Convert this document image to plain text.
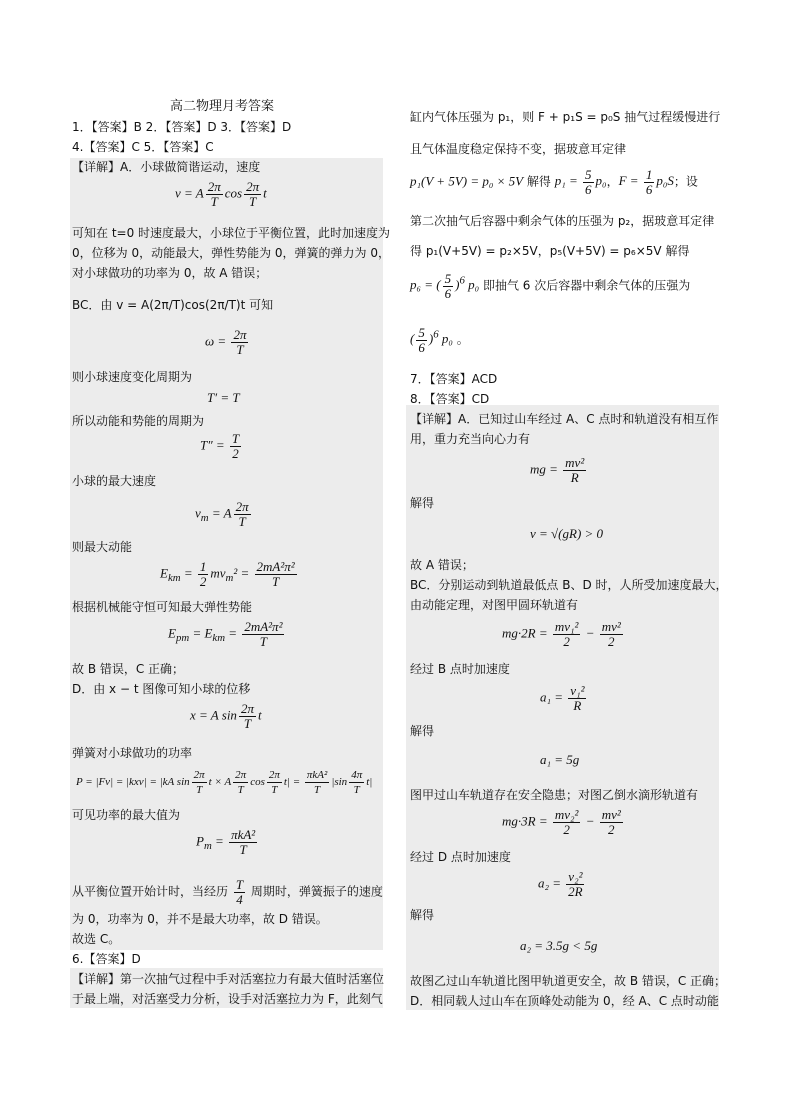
高二物理月考答案
1．【答案】B 2．【答案】D 3．【答案】D
4.【答案】C 5．【答案】C
【详解】A．小球做简谐运动，速度
v = A $\frac{2\pi}{T}$ $\cos \frac{2\pi}{T}$ t
可知在 t=0 时速度最大，小球位于平衡位置，此时加速度为
0，位移为 0，动能最大，弹性势能为 0，弹簧的弹力为 0，
对小球做功的功率为 0，故 A 错误；
BC．由 v = A(2π/T)cos(2π/T)t 可知
$\omega = \frac{2\pi}{T}$
则小球速度变化周期为
T′ = T
所以动能和势能的周期为
$T'' = \frac{T}{2}$
小球的最大速度
$v_m = A \frac{2\pi}{T}$
则最大动能
$E_{km} = \frac{1}{2} mv_m^2 = \frac{\text{2mA²π²}}{T}$
根据机械能守恒可知最大弹性势能
$E_{pm} = E_{km} = \frac{\text{2mA²π²}}{T}$
故 B 错误，C 正确；
D．由 x − t 图像可知小球的位移
x = A $\sin \frac{2\pi}{T}$ t
弹簧对小球做功的功率
P = |Fv| = |kxv| = |kA $\sin \frac{2\pi}{T}$ t × A $\frac{2\pi}{T}$ $\cos \frac{2\pi}{T} t| = \frac{\text{πkA²}}{T} |\sin \frac{4\pi}{T} t|$
可见功率的最大值为
$P_m = \frac{\text{πkA²}}{T}$
从平衡位置开始计时，当经历 $\frac{T}{4}$ 周期时，弹簧振子的速度
为 0，功率为 0，并不是最大功率，故 D 错误。
故选 C。
6.【答案】D
【详解】第一次抽气过程中手对活塞拉力有最大值时活塞位
于最上端，对活塞受力分析，设手对活塞拉力为 F，此刻气
缸内气体压强为 p₁，则 F + p₁S = p₀S 抽气过程缓慢进行
且气体温度稳定保持不变，据玻意耳定律
p₁(V + 5V) = p₀ × 5V 解得 $p_1 = \frac{5}{6} p_0$，$F = \frac{1}{6} p_0S$；设
第二次抽气后容器中剩余气体的压强为 p₂，据玻意耳定律
得 p₁(V+5V) = p₂×5V，p₅(V+5V) = p₆×5V 解得
p₆ = ( $\frac{5}{6} )^6$ p₀ 即抽气 6 次后容器中剩余气体的压强为
( $\frac{5}{6} )^6$ p₀ 。
7．【答案】ACD
8．【答案】CD
【详解】A．已知过山车经过 A、C 点时和轨道没有相互作
用，重力充当向心力有
mg = $\frac{\text{mv²}}{R}$
解得
v = √(gR) > 0
故 A 错误；
BC．分别运动到轨道最低点 B、D 时，人所受加速度最大，
由动能定理，对图甲圆环轨道有
$mg\cdot 2R = \frac{\text{mv₁²}}{2} - \frac{\text{mv²}}{2}$
经过 B 点时加速度
$a_1 = \frac{\text{v₁²}}{R}$
解得
a₁ = 5g
图甲过山车轨道存在安全隐患；对图乙倒水滴形轨道有
$mg\cdot 3R = \frac{\text{mv₂²}}{2} - \frac{\text{mv²}}{2}$
经过 D 点时加速度
$a_2 = \frac{\text{v₂²}}{2R}$
解得
a₂ = 3.5g < 5g
故图乙过山车轨道比图甲轨道更安全，故 B 错误，C 正确；
D．相同载人过山车在顶峰处动能为 0，经 A、C 点时动能
